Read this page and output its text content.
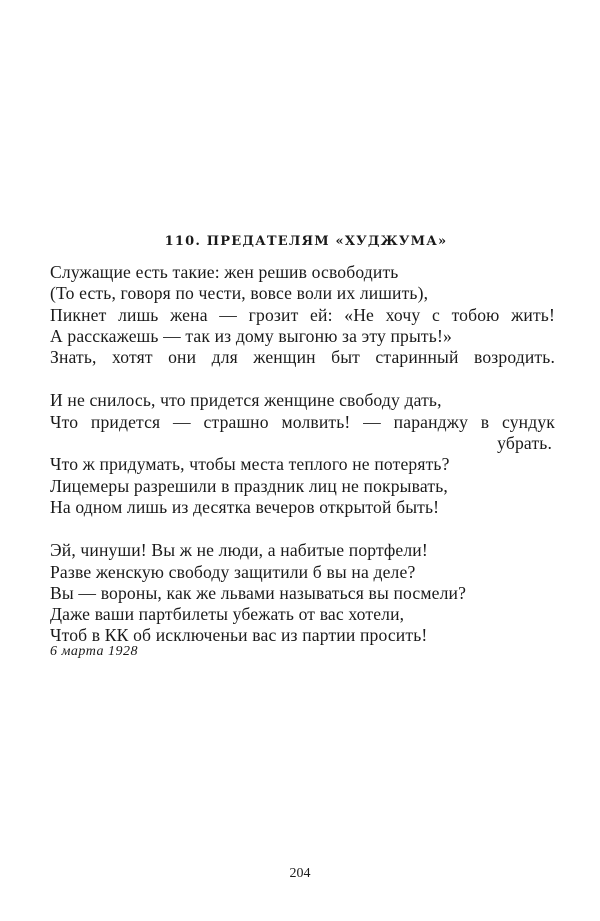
110. ПРЕДАТЕЛЯМ «ХУДЖУМА»
Служащие есть такие: жен решив освободить
(То есть, говоря по чести, вовсе воли их лишить),
Пикнет лишь жена — грозит ей: «Не хочу с тобою жить!
А расскажешь — так из дому выгоню за эту прыть!»
Знать, хотят они для женщин быт старинный возродить.
И не снилось, что придется женщине свободу дать,
Что придется — страшно молвить! — паранджу в сундук
убрать.
Что ж придумать, чтобы места теплого не потерять?
Лицемеры разрешили в праздник лиц не покрывать,
На одном лишь из десятка вечеров открытой быть!
Эй, чинуши! Вы ж не люди, а набитые портфели!
Разве женскую свободу защитили б вы на деле?
Вы — вороны, как же львами называться вы посмели?
Даже ваши партбилеты убежать от вас хотели,
Чтоб в КК об исключеньи вас из партии просить!
6 марта 1928
204
